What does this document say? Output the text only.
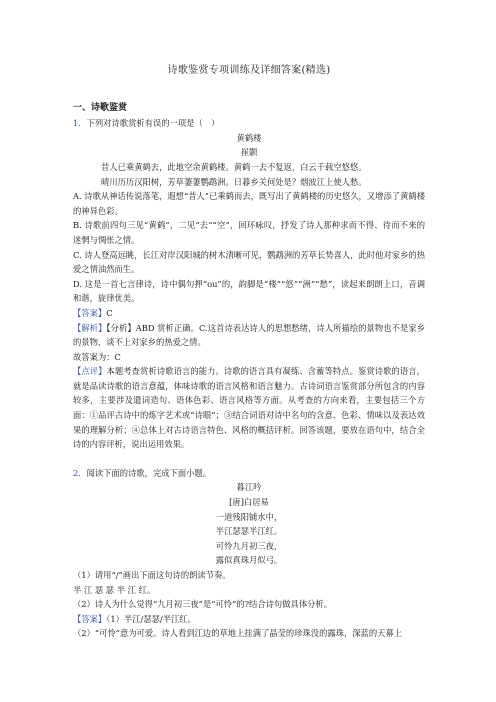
诗歌鉴赏专项训练及详细答案(精选)
一、诗歌鉴赏

1．下列对诗歌赏析有误的一项是（　）

黄鹤楼

崔颢

昔人已乘黄鹤去，此地空余黄鹤楼。黄鹤一去不复返，白云千载空悠悠。

晴川历历汉阳树，芳草萋萋鹦鹉洲。日暮乡关何处是？烟波江上使人愁。

A. 诗歌从神话传说落笔，遐想“昔人”已乘鹤而去，既写出了黄鹤楼的历史悠久，又增添了黄鹤楼的神异色彩。

B. 诗歌前四句三见“黄鹤”，二见“去”“空”，回环咏叹，抒发了诗人那种求而不得、待而不来的迷惘与惆怅之情。

C. 诗人登高远眺，长江对岸汉阳城的树木清晰可见，鹦鹉洲的芳草长势喜人，此时他对家乡的热爱之情油然而生。

D. 这是一首七言律诗，诗中偶句押“ou”的，韵脚是“楼”“悠”“洲”“愁”，读起来朗朗上口，音调和谐，旋律优美。

【答案】C

【解析】【分析】ABD 赏析正确。C.这首诗表达诗人的思想愁绪，诗人所描绘的景物也不是家乡的景物，谈不上对家乡的热爱之情。

故答案为：C

【点评】本题考查赏析诗歌语言的能力。诗歌的语言具有凝练、含蓄等特点。鉴赏诗歌的语言，就是品读诗歌的语言意蕴，体味诗歌的语言风格和语言魅力。古诗词语言鉴赏部分所包含的内容较多，主要涉及遣词造句、语体色彩、语言风格等方面。从考查的方向来看，主要包括三个方面：①品评古诗中的炼字艺术或“诗眼”；③结合词语对诗中名句的含意、色彩、情味以及表达效果的理解分析；④总体上对古诗语言特色、风格的概括评析。回答该题，要放在语句中，结合全诗的内容评析，说出运用效果。

2．阅读下面的诗歌，完成下面小题。

暮江吟

[唐]白居易

一道残阳铺水中，

半江瑟瑟半江红。

可怜九月初三夜，

露似真珠月似弓。

（1）请用“/”画出下面这句诗的朗读节奏。

半 江 瑟 瑟 半 江 红。

（2）诗人为什么觉得“九月初三夜”是“可怜”的?结合诗句做具体分析。

【答案】（1）半江/瑟瑟/半江红。

（2）“可怜”意为可爱。诗人看到江边的草地上挂满了晶莹的珍珠没的露珠，深蓝的天幕上
